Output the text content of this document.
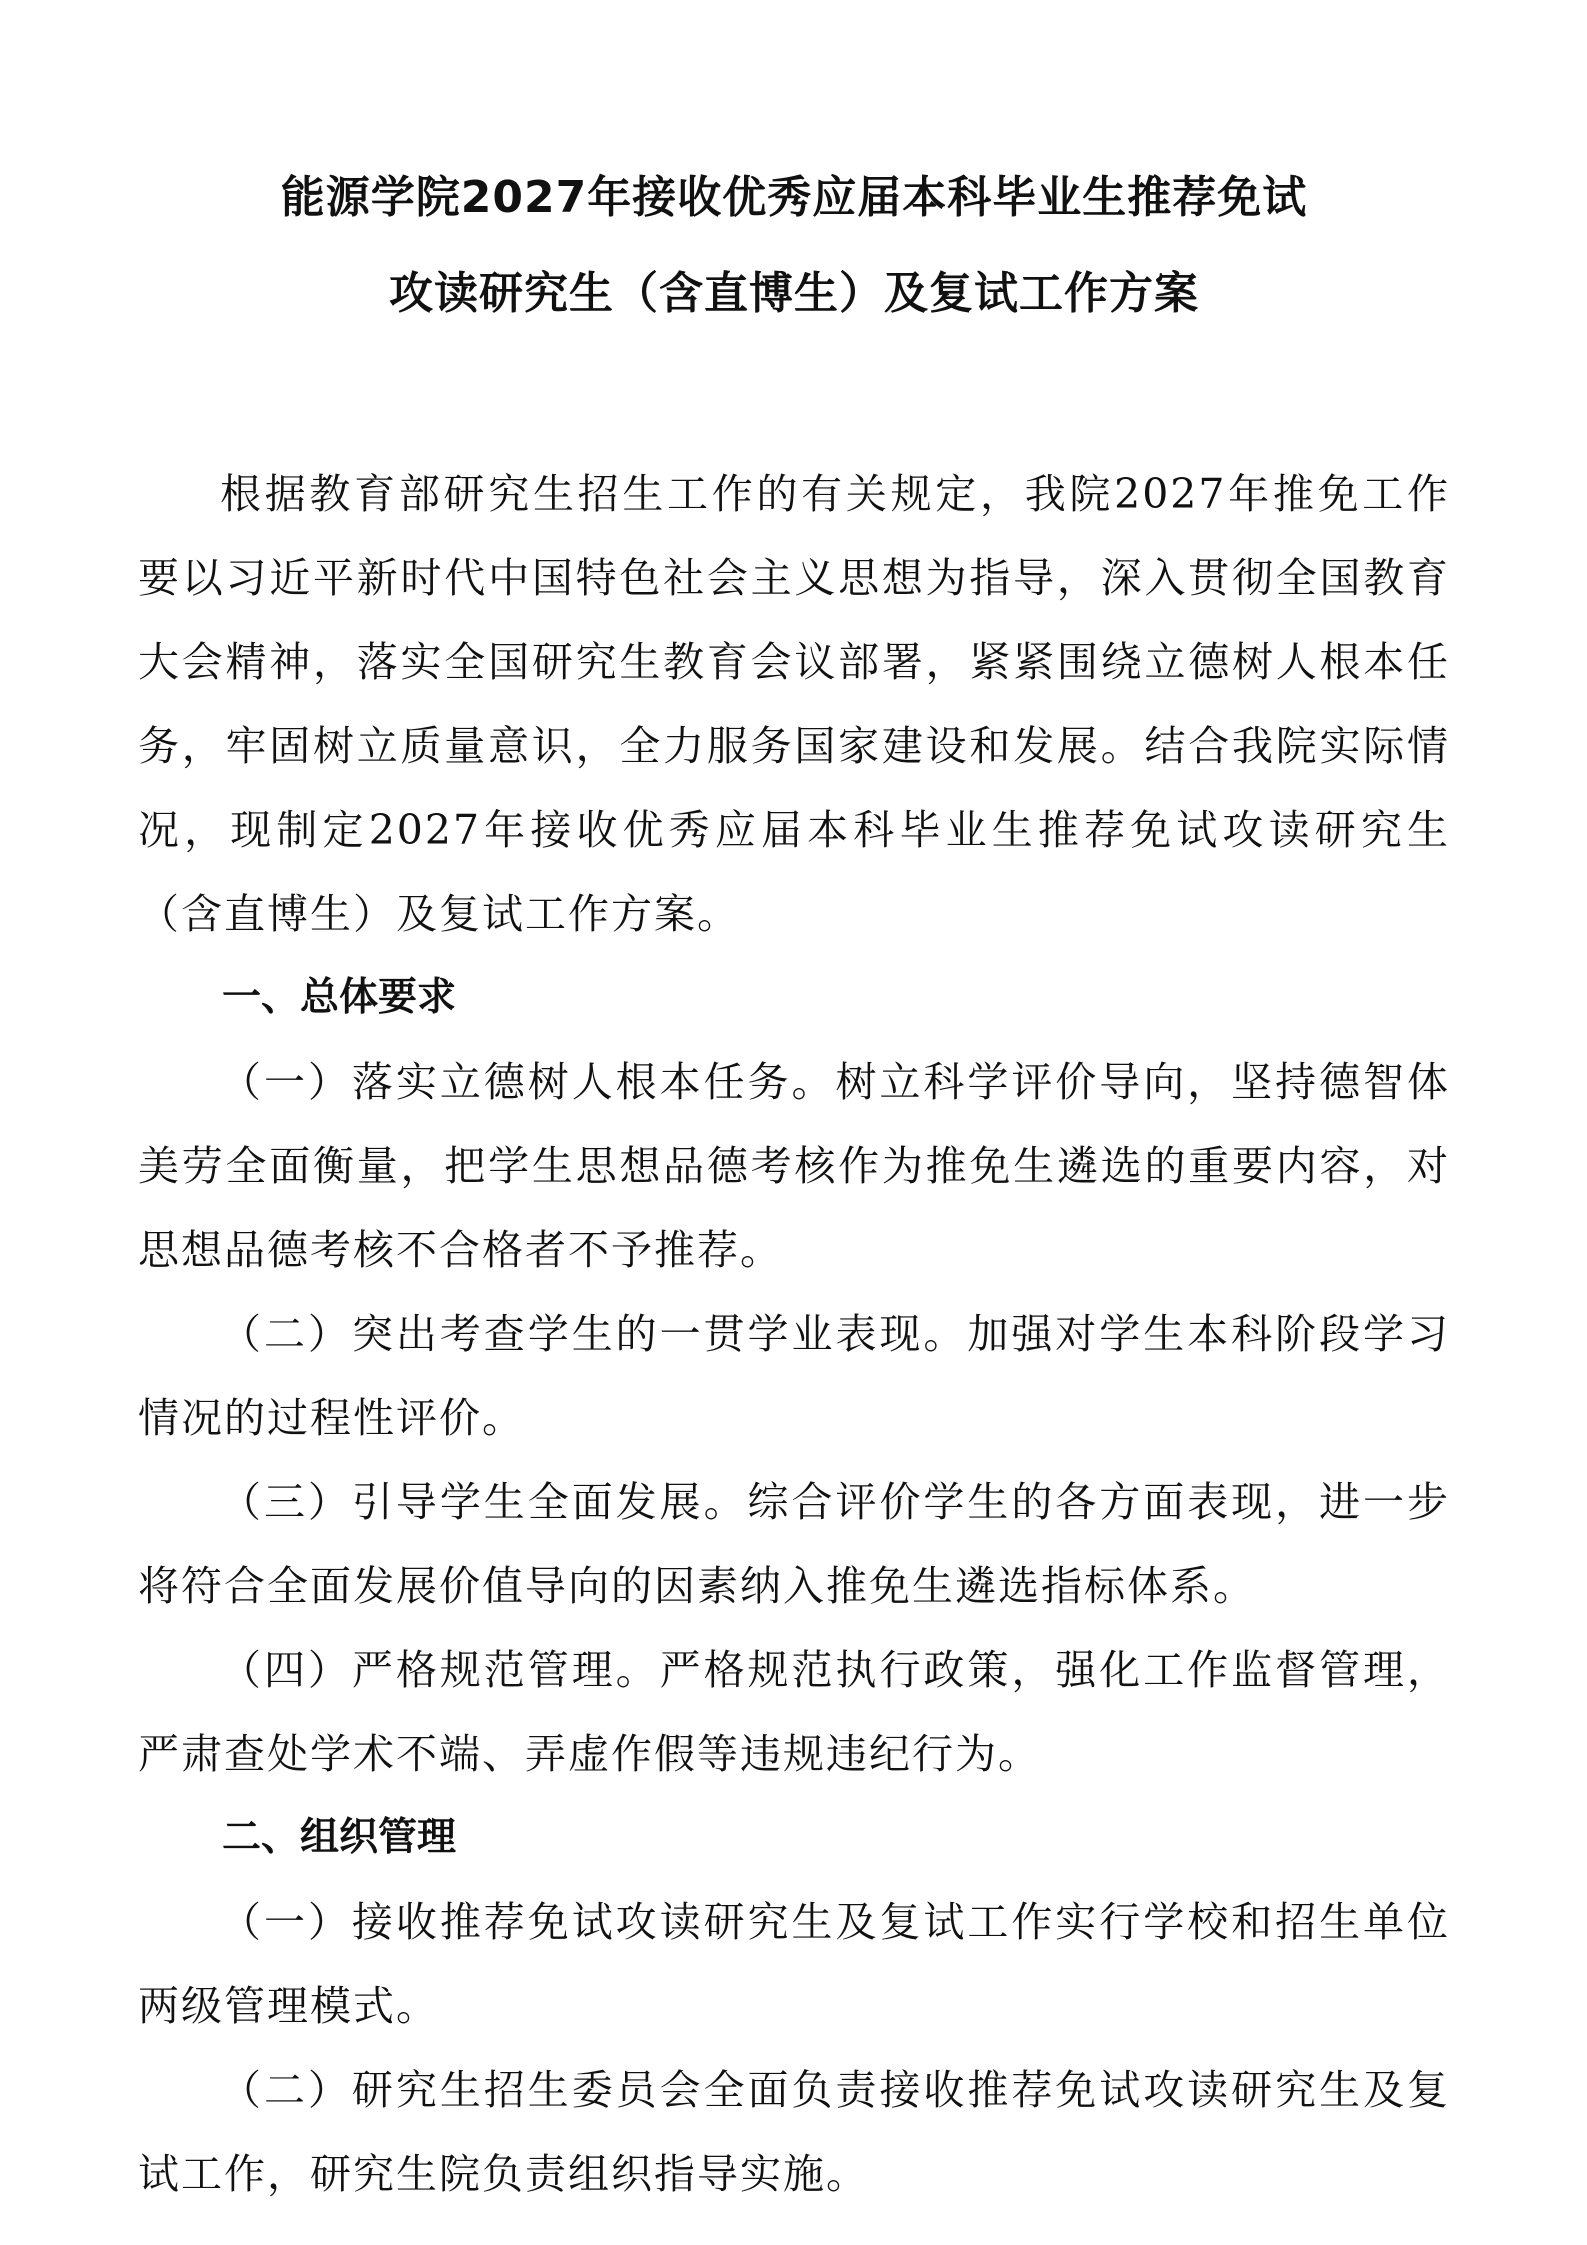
能源学院2027年接收优秀应届本科毕业生推荐免试

攻读研究生（含直博生）及复试工作方案

根据教育部研究生招生工作的有关规定，我院2027年推免工作要以习近平新时代中国特色社会主义思想为指导，深入贯彻全国教育大会精神，落实全国研究生教育会议部署，紧紧围绕立德树人根本任务，牢固树立质量意识，全力服务国家建设和发展。结合我院实际情况，现制定2027年接收优秀应届本科毕业生推荐免试攻读研究生（含直博生）及复试工作方案。

一、总体要求

（一）落实立德树人根本任务。树立科学评价导向，坚持德智体美劳全面衡量，把学生思想品德考核作为推免生遴选的重要内容，对思想品德考核不合格者不予推荐。

（二）突出考查学生的一贯学业表现。加强对学生本科阶段学习情况的过程性评价。

（三）引导学生全面发展。综合评价学生的各方面表现，进一步将符合全面发展价值导向的因素纳入推免生遴选指标体系。

（四）严格规范管理。严格规范执行政策，强化工作监督管理，严肃查处学术不端、弄虚作假等违规违纪行为。

二、组织管理

（一）接收推荐免试攻读研究生及复试工作实行学校和招生单位两级管理模式。

（二）研究生招生委员会全面负责接收推荐免试攻读研究生及复试工作，研究生院负责组织指导实施。
